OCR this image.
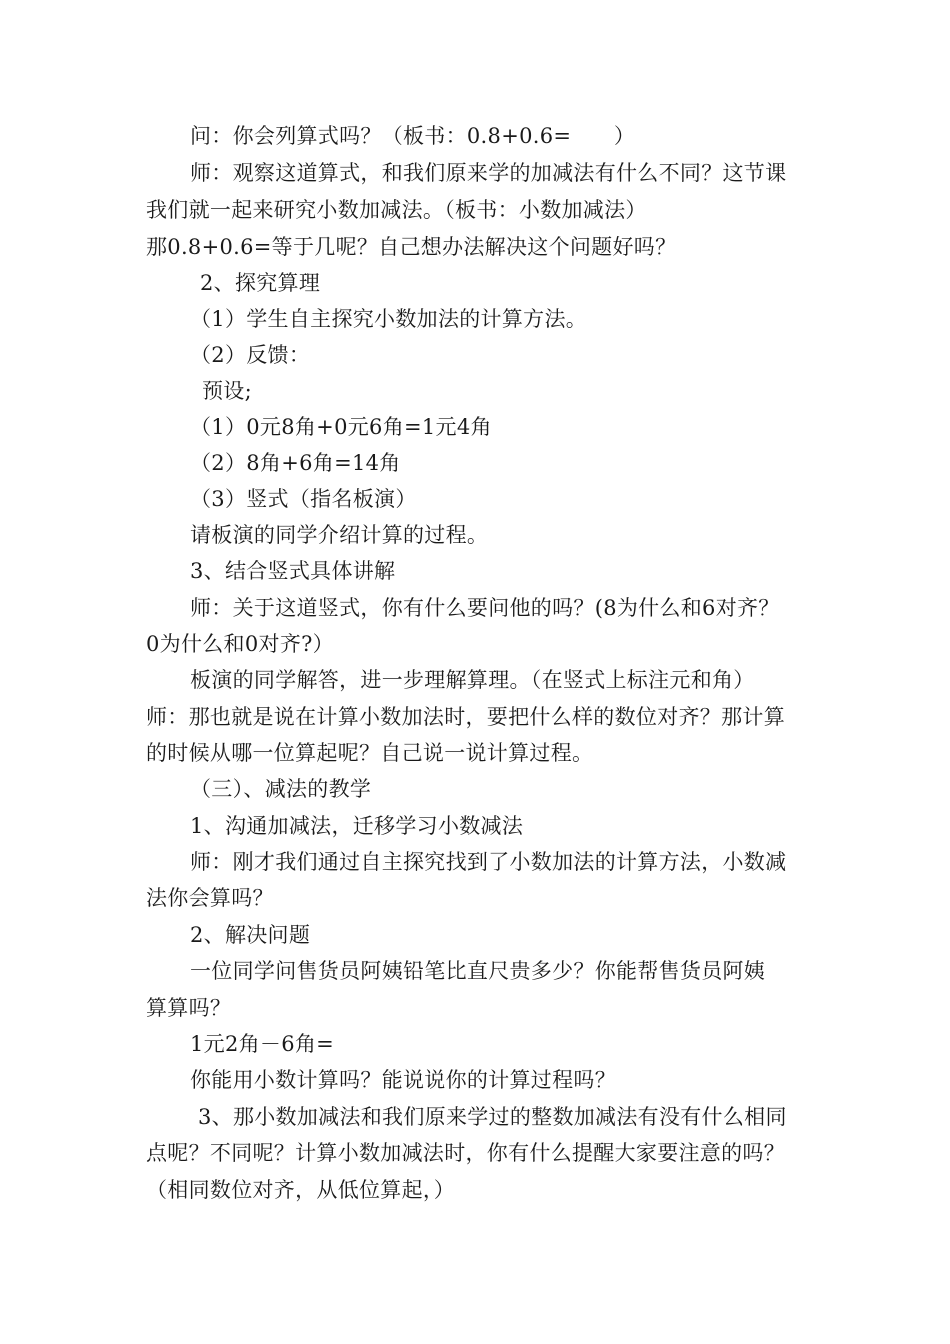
问：你会列算式吗？（板书：0.8+0.6=　　）

师：观察这道算式，和我们原来学的加减法有什么不同？这节课

我们就一起来研究小数加减法。（板书：小数加减法）

那0.8+0.6=等于几呢？自己想办法解决这个问题好吗？

2、探究算理

（1）学生自主探究小数加法的计算方法。

（2）反馈：

预设;

（1）0元8角+0元6角=1元4角

（2）8角+6角=14角

（3）竖式（指名板演）

请板演的同学介绍计算的过程。

3、结合竖式具体讲解

师：关于这道竖式，你有什么要问他的吗？(8为什么和6对齐？

0为什么和0对齐?）

板演的同学解答，进一步理解算理。（在竖式上标注元和角）

师：那也就是说在计算小数加法时，要把什么样的数位对齐？那计算

的时候从哪一位算起呢？自己说一说计算过程。

（三）、减法的教学

1、沟通加减法，迁移学习小数减法

师：刚才我们通过自主探究找到了小数加法的计算方法，小数减

法你会算吗？

2、解决问题

一位同学问售货员阿姨铅笔比直尺贵多少？你能帮售货员阿姨

算算吗？

1元2角－6角=

你能用小数计算吗？能说说你的计算过程吗？

3、那小数加减法和我们原来学过的整数加减法有没有什么相同

点呢？不同呢？计算小数加减法时，你有什么提醒大家要注意的吗？

（相同数位对齐，从低位算起，）
